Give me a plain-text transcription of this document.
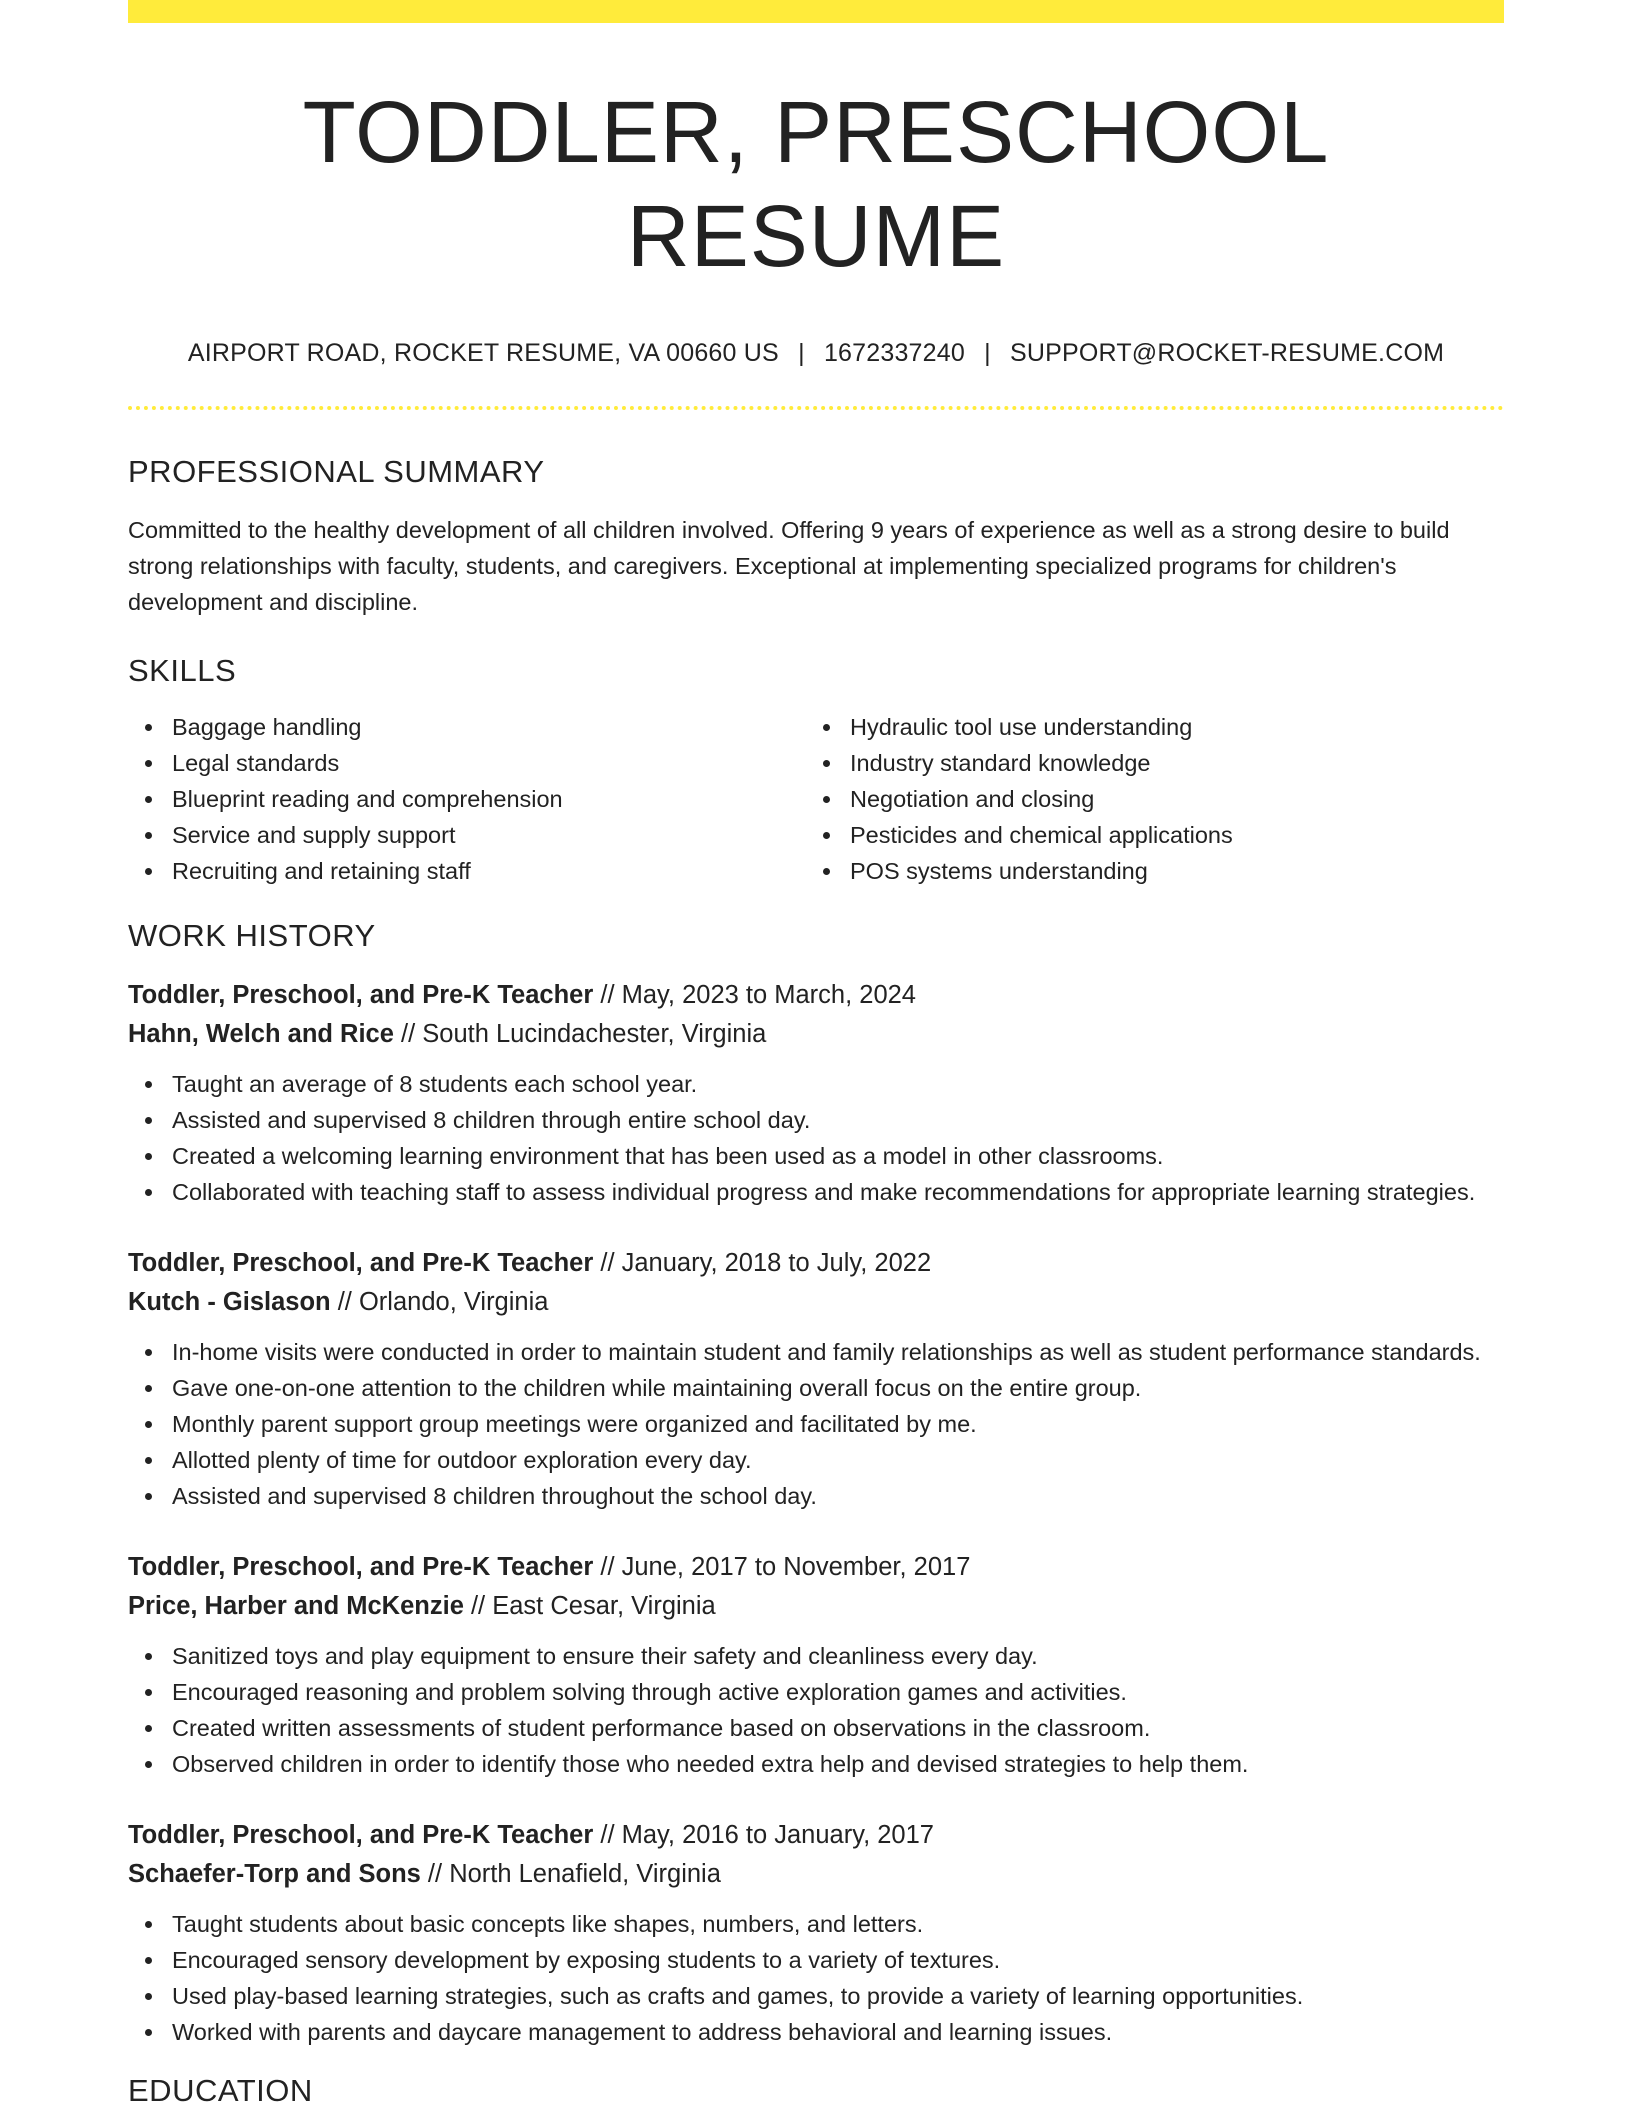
TODDLER, PRESCHOOL RESUME
AIRPORT ROAD, ROCKET RESUME, VA 00660 US | 1672337240 | SUPPORT@ROCKET-RESUME.COM
PROFESSIONAL SUMMARY
Committed to the healthy development of all children involved. Offering 9 years of experience as well as a strong desire to build strong relationships with faculty, students, and caregivers. Exceptional at implementing specialized programs for children's development and discipline.
SKILLS
Baggage handling
Legal standards
Blueprint reading and comprehension
Service and supply support
Recruiting and retaining staff
Hydraulic tool use understanding
Industry standard knowledge
Negotiation and closing
Pesticides and chemical applications
POS systems understanding
WORK HISTORY
Toddler, Preschool, and Pre-K Teacher // May, 2023 to March, 2024
Hahn, Welch and Rice // South Lucindachester, Virginia
Taught an average of 8 students each school year.
Assisted and supervised 8 children through entire school day.
Created a welcoming learning environment that has been used as a model in other classrooms.
Collaborated with teaching staff to assess individual progress and make recommendations for appropriate learning strategies.
Toddler, Preschool, and Pre-K Teacher // January, 2018 to July, 2022
Kutch - Gislason // Orlando, Virginia
In-home visits were conducted in order to maintain student and family relationships as well as student performance standards.
Gave one-on-one attention to the children while maintaining overall focus on the entire group.
Monthly parent support group meetings were organized and facilitated by me.
Allotted plenty of time for outdoor exploration every day.
Assisted and supervised 8 children throughout the school day.
Toddler, Preschool, and Pre-K Teacher // June, 2017 to November, 2017
Price, Harber and McKenzie // East Cesar, Virginia
Sanitized toys and play equipment to ensure their safety and cleanliness every day.
Encouraged reasoning and problem solving through active exploration games and activities.
Created written assessments of student performance based on observations in the classroom.
Observed children in order to identify those who needed extra help and devised strategies to help them.
Toddler, Preschool, and Pre-K Teacher // May, 2016 to January, 2017
Schaefer-Torp and Sons // North Lenafield, Virginia
Taught students about basic concepts like shapes, numbers, and letters.
Encouraged sensory development by exposing students to a variety of textures.
Used play-based learning strategies, such as crafts and games, to provide a variety of learning opportunities.
Worked with parents and daycare management to address behavioral and learning issues.
EDUCATION
